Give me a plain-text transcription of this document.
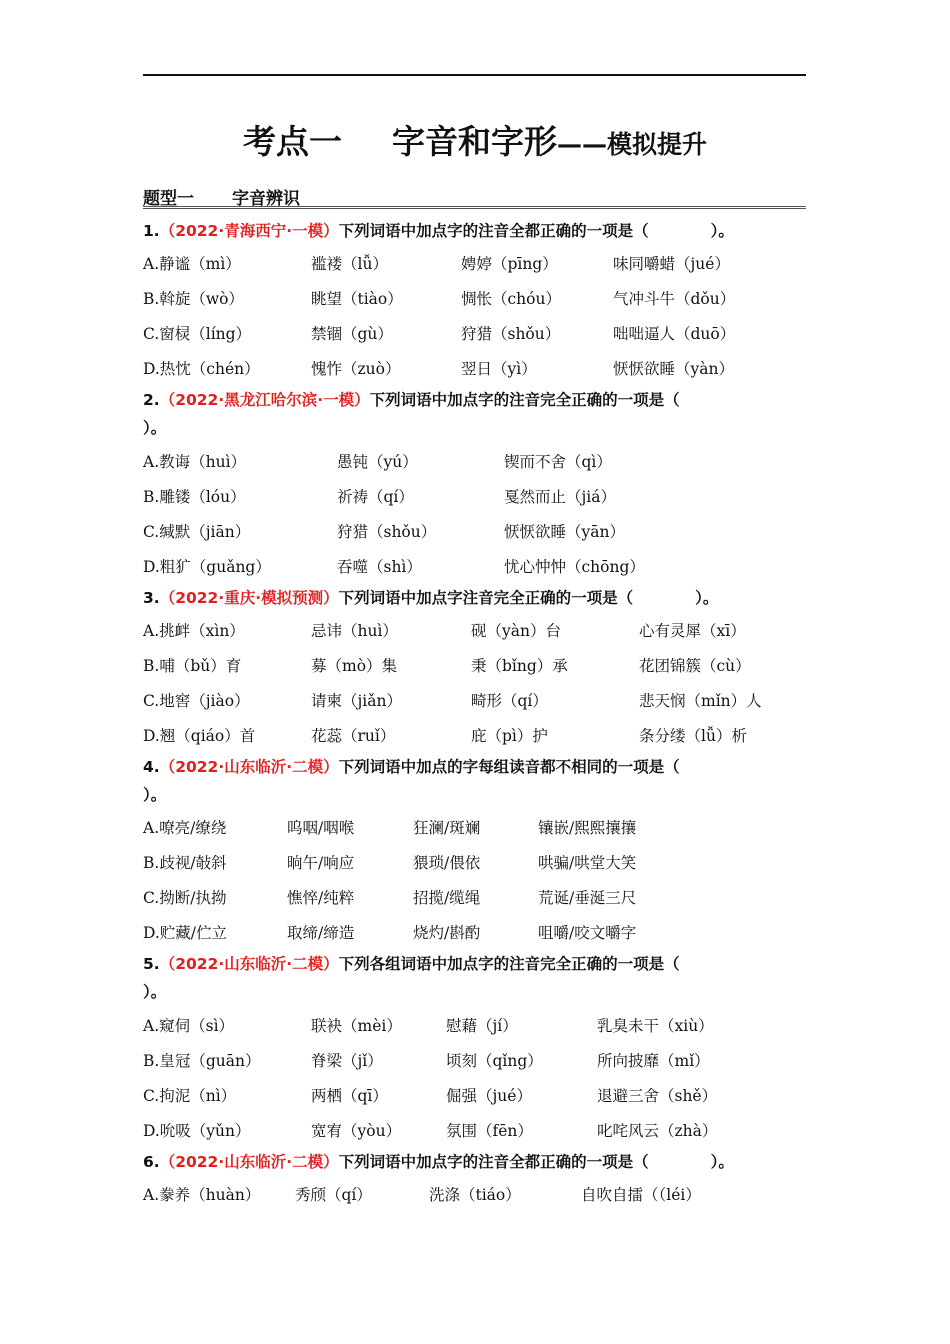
考点一 字音和字形——模拟提升
题型一 字音辨识
1.（2022·青海西宁·一模）下列词语中加点字的注音全都正确的一项是（　　　　）。
A.静谧（mì）	褴褛（lǚ）	娉婷（pīng）	味同嚼蜡（jué）
B.斡旋（wò）	眺望（tiào）	惆怅（chóu）	气冲斗牛（dǒu）
C.窗棂（líng）	禁锢（gù）	狩猎（shǒu）	咄咄逼人（duō）
D.热忱（chén）	愧怍（zuò）	翌日（yì）	恹恹欲睡（yàn）
2.（2022·黑龙江哈尔滨·一模）下列词语中加点字的注音完全正确的一项是（
）。
A.教诲（huì）	愚钝（yú）	锲而不舍（qì）
B.雕镂（lóu）	祈祷（qí）	戛然而止（jiá）
C.缄默（jiān）	狩猎（shǒu）	恹恹欲睡（yān）
D.粗犷（guǎng）	吞噬（shì）	忧心忡忡（chōng）
3.（2022·重庆·模拟预测）下列词语中加点字注音完全正确的一项是（　　　　）。
A.挑衅（xìn）	忌讳（huì）	砚（yàn）台	心有灵犀（xī）
B.哺（bǔ）育	募（mò）集	秉（bǐng）承	花团锦簇（cù）
C.地窖（jiào）	请柬（jiǎn）	畸形（qí）	悲天悯（mǐn）人
D.翘（qiáo）首	花蕊（ruǐ）	庇（pì）护	条分缕（lǚ）析
4.（2022·山东临沂·二模）下列词语中加点的字每组读音都不相同的一项是（
）。
A.嘹亮/缭绕	呜咽/咽喉	狂澜/斑斓	镶嵌/熙熙攘攘
B.歧视/敧斜	晌午/响应	猥琐/偎依	哄骗/哄堂大笑
C.拗断/执拗	憔悴/纯粹	招揽/缆绳	荒诞/垂涎三尺
D.贮藏/伫立	取缔/缔造	烧灼/斟酌	咀嚼/咬文嚼字
5.（2022·山东临沂·二模）下列各组词语中加点字的注音完全正确的一项是（
）。
A.窥伺（sì）	联袂（mèi）	慰藉（jí）	乳臭未干（xiù）
B.皇冠（guān）	脊梁（jǐ）	顷刻（qǐng）	所向披靡（mǐ）
C.拘泥（nì）	两栖（qī）	倔强（jué）	退避三舍（shě）
D.吮吸（yǔn）	宽宥（yòu）	氛围（fēn）	叱咤风云（zhà）
6.（2022·山东临沂·二模）下列词语中加点字的注音全都正确的一项是（　　　　）。
A.豢养（huàn） 秀颀（qí）	洗涤（tiáo）	自吹自擂（（léi）
